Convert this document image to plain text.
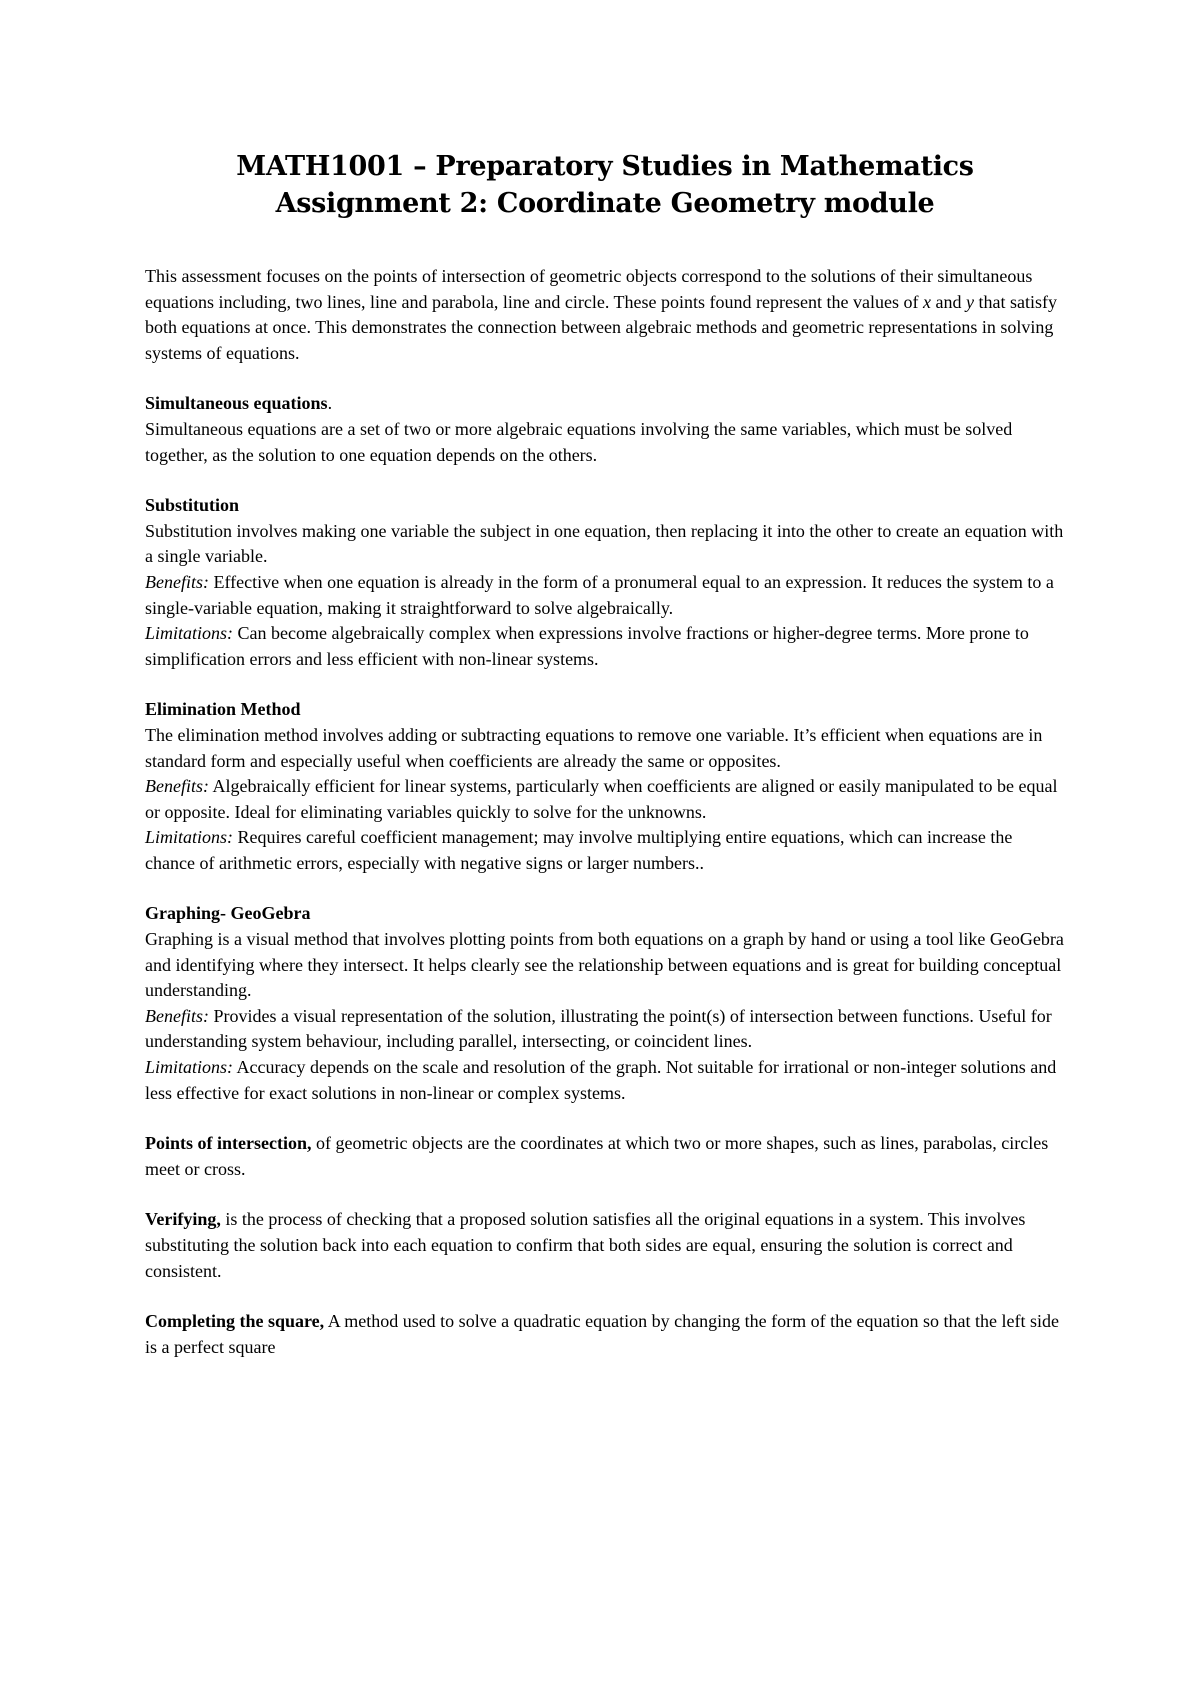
MATH1001 – Preparatory Studies in Mathematics
Assignment 2: Coordinate Geometry module

This assessment focuses on the points of intersection of geometric objects correspond to the solutions of their simultaneous equations including, two lines, line and parabola, line and circle. These points found represent the values of x and y that satisfy both equations at once. This demonstrates the connection between algebraic methods and geometric representations in solving systems of equations.

Simultaneous equations.

Simultaneous equations are a set of two or more algebraic equations involving the same variables, which must be solved together, as the solution to one equation depends on the others.

Substitution

Substitution involves making one variable the subject in one equation, then replacing it into the other to create an equation with a single variable.

Benefits: Effective when one equation is already in the form of a pronumeral equal to an expression. It reduces the system to a single-variable equation, making it straightforward to solve algebraically.

Limitations: Can become algebraically complex when expressions involve fractions or higher-degree terms. More prone to simplification errors and less efficient with non-linear systems.

Elimination Method

The elimination method involves adding or subtracting equations to remove one variable. It’s efficient when equations are in standard form and especially useful when coefficients are already the same or opposites.

Benefits: Algebraically efficient for linear systems, particularly when coefficients are aligned or easily manipulated to be equal or opposite. Ideal for eliminating variables quickly to solve for the unknowns.

Limitations: Requires careful coefficient management; may involve multiplying entire equations, which can increase the chance of arithmetic errors, especially with negative signs or larger numbers..

Graphing- GeoGebra

Graphing is a visual method that involves plotting points from both equations on a graph by hand or using a tool like GeoGebra and identifying where they intersect. It helps clearly see the relationship between equations and is great for building conceptual understanding.

Benefits: Provides a visual representation of the solution, illustrating the point(s) of intersection between functions. Useful for understanding system behaviour, including parallel, intersecting, or coincident lines.

Limitations: Accuracy depends on the scale and resolution of the graph. Not suitable for irrational or non-integer solutions and less effective for exact solutions in non-linear or complex systems.

Points of intersection, of geometric objects are the coordinates at which two or more shapes, such as lines, parabolas, circles meet or cross.

Verifying, is the process of checking that a proposed solution satisfies all the original equations in a system. This involves substituting the solution back into each equation to confirm that both sides are equal, ensuring the solution is correct and consistent.

Completing the square, A method used to solve a quadratic equation by changing the form of the equation so that the left side is a perfect square
